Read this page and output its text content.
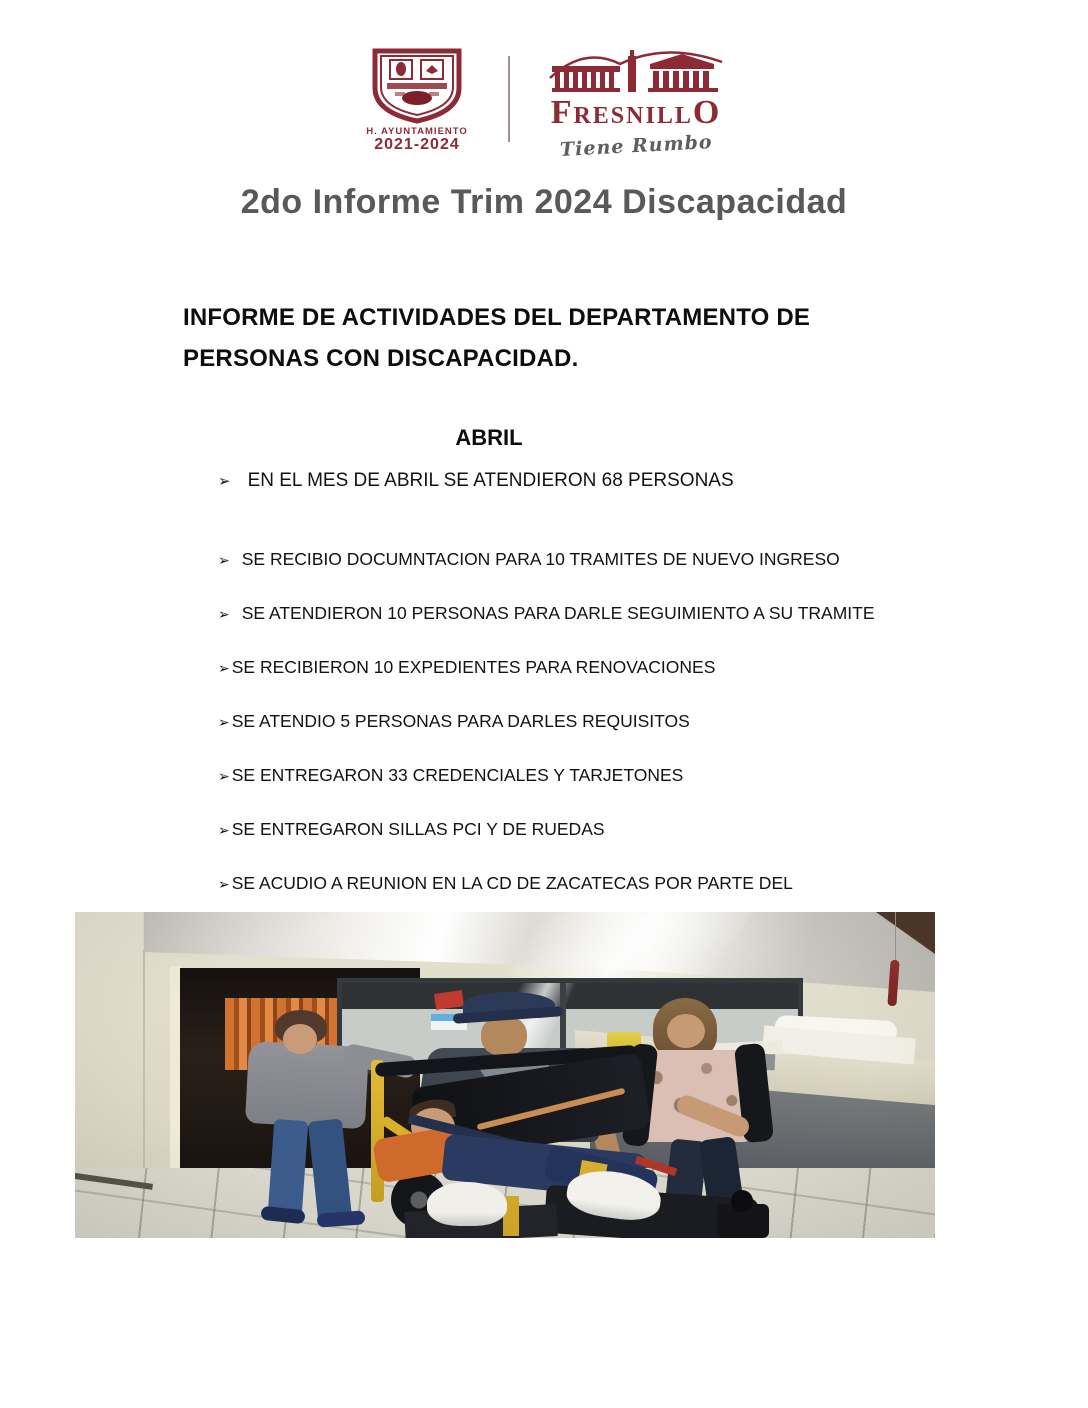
H. AYUNTAMIENTO
2021-2024
FRESNILLO
Tiene Rumbo
2do Informe Trim 2024 Discapacidad
INFORME DE ACTIVIDADES DEL DEPARTAMENTO DE
PERSONAS CON DISCAPACIDAD.
ABRIL
➢ EN EL MES DE ABRIL SE ATENDIERON 68 PERSONAS
➢ SE RECIBIO DOCUMNTACION PARA 10 TRAMITES DE NUEVO INGRESO
➢ SE ATENDIERON 10 PERSONAS PARA DARLE SEGUIMIENTO A SU TRAMITE
➢ SE RECIBIERON 10 EXPEDIENTES PARA RENOVACIONES
➢ SE ATENDIO 5 PERSONAS PARA DARLES REQUISITOS
➢ SE ENTREGARON 33 CREDENCIALES Y TARJETONES
➢ SE ENTREGARON SILLAS PCI Y DE RUEDAS
➢ SE ACUDIO A REUNION EN LA CD DE ZACATECAS POR PARTE DEL
